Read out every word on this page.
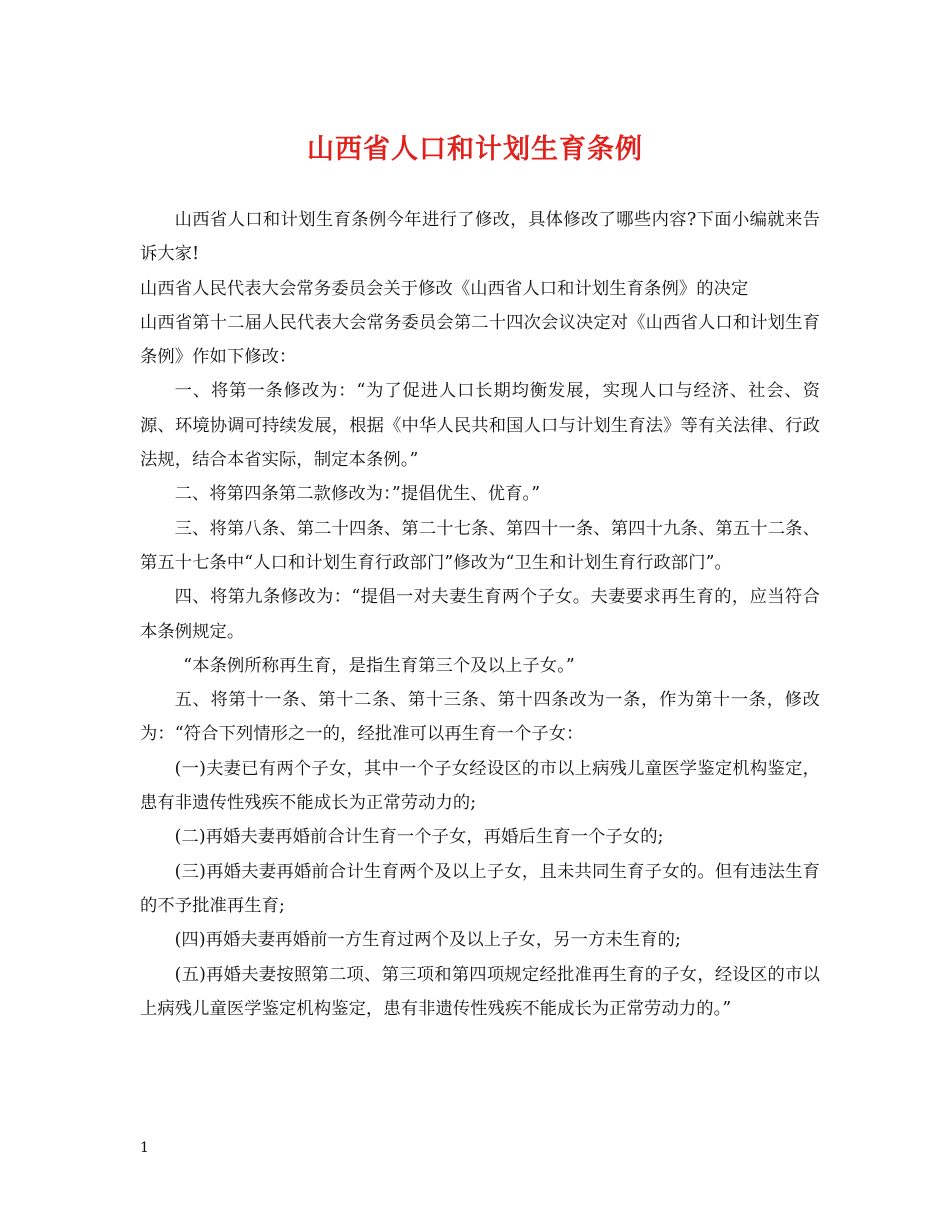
山西省人口和计划生育条例

山西省人口和计划生育条例今年进行了修改，具体修改了哪些内容?下面小编就来告诉大家!

山西省人民代表大会常务委员会关于修改《山西省人口和计划生育条例》的决定

山西省第十二届人民代表大会常务委员会第二十四次会议决定对《山西省人口和计划生育条例》作如下修改：

一、将第一条修改为：“为了促进人口长期均衡发展，实现人口与经济、社会、资源、环境协调可持续发展，根据《中华人民共和国人口与计划生育法》等有关法律、行政法规，结合本省实际，制定本条例。”

二、将第四条第二款修改为：”提倡优生、优育。”

三、将第八条、第二十四条、第二十七条、第四十一条、第四十九条、第五十二条、第五十七条中“人口和计划生育行政部门”修改为“卫生和计划生育行政部门”。

四、将第九条修改为：“提倡一对夫妻生育两个子女。夫妻要求再生育的，应当符合本条例规定。

“本条例所称再生育，是指生育第三个及以上子女。”

五、将第十一条、第十二条、第十三条、第十四条改为一条，作为第十一条，修改为：“符合下列情形之一的，经批准可以再生育一个子女：

(一)夫妻已有两个子女，其中一个子女经设区的市以上病残儿童医学鉴定机构鉴定，患有非遗传性残疾不能成长为正常劳动力的;

(二)再婚夫妻再婚前合计生育一个子女，再婚后生育一个子女的;

(三)再婚夫妻再婚前合计生育两个及以上子女，且未共同生育子女的。但有违法生育的不予批准再生育;

(四)再婚夫妻再婚前一方生育过两个及以上子女，另一方未生育的;

(五)再婚夫妻按照第二项、第三项和第四项规定经批准再生育的子女，经设区的市以上病残儿童医学鉴定机构鉴定，患有非遗传性残疾不能成长为正常劳动力的。”

1
